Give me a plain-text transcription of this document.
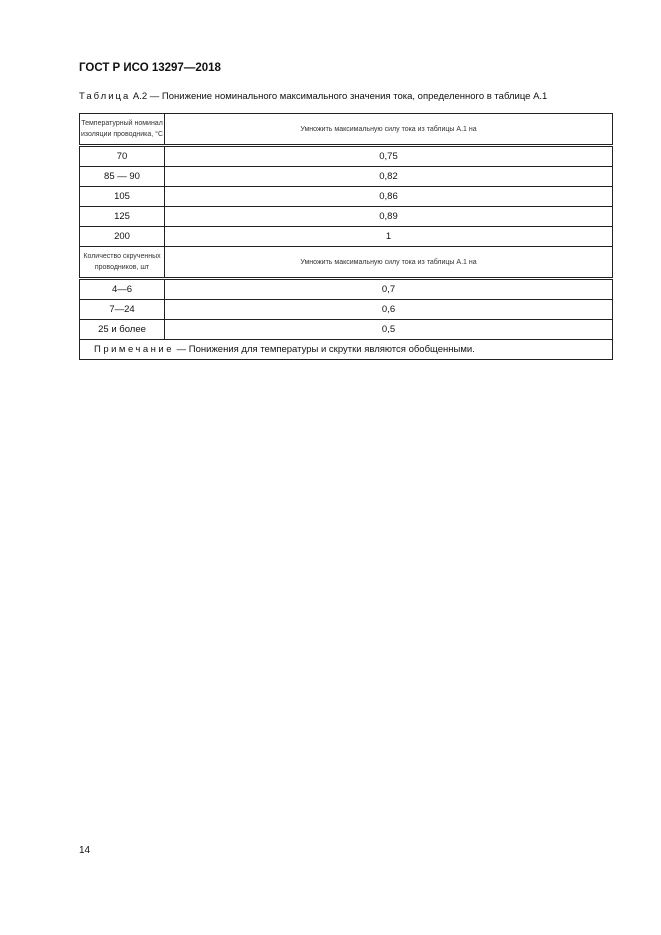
ГОСТ Р ИСО 13297—2018
Таблица А.2 — Понижение номинального максимального значения тока, определенного в таблице А.1
Температурный номинал изоляции проводника, °С	Умножить максимальную силу тока из таблицы А.1 на
70	0,75
85 — 90	0,82
105	0,86
125	0,89
200	1
Количество скрученных проводников, шт	Умножить максимальную силу тока из таблицы А.1 на
4—6	0,7
7—24	0,6
25 и более	0,5
Примечание — Понижения для температуры и скрутки являются обобщенными.	
14
